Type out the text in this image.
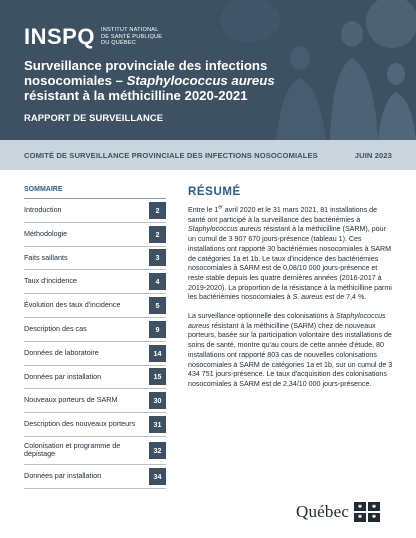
INSPQ INSTITUT NATIONAL
DE SANTÉ PUBLIQUE
DU QUÉBEC
Surveillance provinciale des infections
nosocomiales – Staphylococcus aureus
résistant à la méthicilline 2020-2021
RAPPORT DE SURVEILLANCE
COMITÉ DE SURVEILLANCE PROVINCIALE DES INFECTIONS NOSOCOMIALES	JUIN 2023
SOMMAIRE
Introduction	2
Méthodologie	2
Faits saillants	3
Taux d'incidence	4
Évolution des taux d'incidence	5
Description des cas	9
Données de laboratoire	14
Données par installation	15
Nouveaux porteurs de SARM	30
Description des nouveaux porteurs	31
Colonisation et programme de dépistage	32
Données par installation	34
RÉSUMÉ

Entre le 1er avril 2020 et le 31 mars 2021, 81 installations de santé ont participé à la surveillance des bactériémies à Staphylococcus aureus résistant à la méthicilline (SARM), pour un cumul de 3 907 670 jours-présence (tableau 1). Ces installations ont rapporté 30 bactériémies nosocomiales à SARM de catégories 1a et 1b. Le taux d'incidence des bactériémies nosocomiales à SARM est de 0,08/10 000 jours-présence et reste stable depuis les quatre dernières années (2016-2017 à 2019-2020). La proportion de la résistance à la méthicilline parmi les bactériémies nosocomiales à S. aureus est de 7,4 %.

La surveillance optionnelle des colonisations à Staphylococcus aureus résistant à la méthicilline (SARM) chez de nouveaux porteurs, basée sur la participation volontaire des installations de soins de santé, montre qu'au cours de cette année d'étude, 80 installations ont rapporté 803 cas de nouvelles colonisations nosocomiales à SARM de catégories 1a et 1b, sur un cumul de 3 434 751 jours-présence. Le taux d'acquisition des colonisations nosocomiales à SARM est de 2,34/10 000 jours-présence.

Québec
